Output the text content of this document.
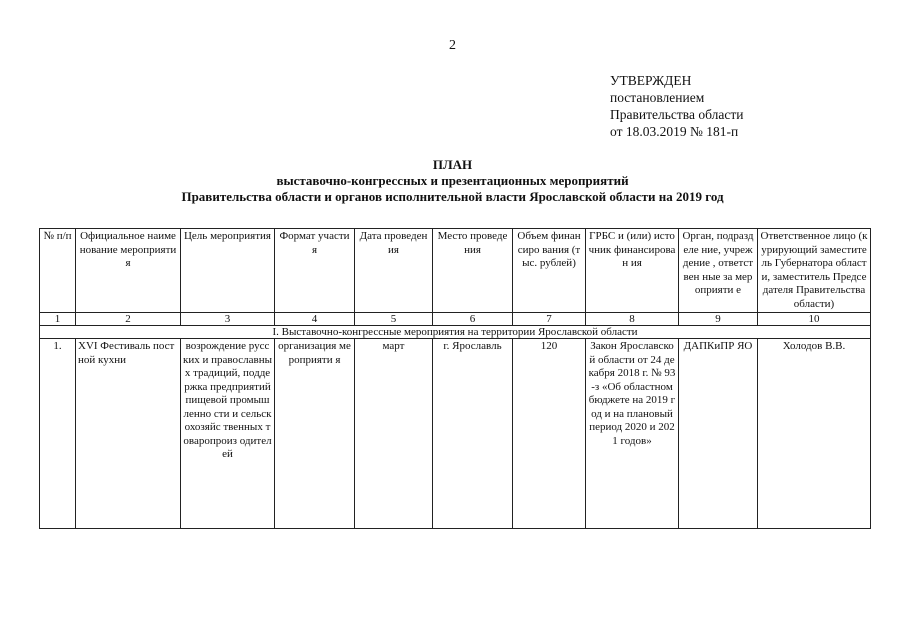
2
УТВЕРЖДЕН
постановлением
Правительства области
от 18.03.2019 № 181-п
ПЛАН
выставочно-конгрессных и презентационных мероприятий
Правительства области и органов исполнительной власти Ярославской области на 2019 год
№ п/п	Официальное наименование мероприятия	Цель мероприятия	Формат участия	Дата проведения	Место проведения	Объем финансиро вания (тыс. рублей)	ГРБС и (или) источник финансирован ия	Орган, подразделе ние, учреждение , ответствен ные за мероприяти е	Ответственное лицо (курирующий заместитель Губернатора области, заместитель Председателя Правительства области)
1	2	3	4	5	6	7	8	9	10
I. Выставочно-конгрессные мероприятия на территории Ярославской области									
1.	XVI Фестиваль постной кухни	возрождение русских и православных традиций, поддержка предприятий пищевой промышленно сти и сельскохозяйс твенных товаропроиз одителей	организация мероприяти я	март	г. Ярославль	120	Закон Ярославской области от 24 декабря 2018 г. № 93-з «Об областном бюджете на 2019 год и на плановый период 2020 и 2021 годов»	ДАПКиПР ЯО	Холодов В.В.
